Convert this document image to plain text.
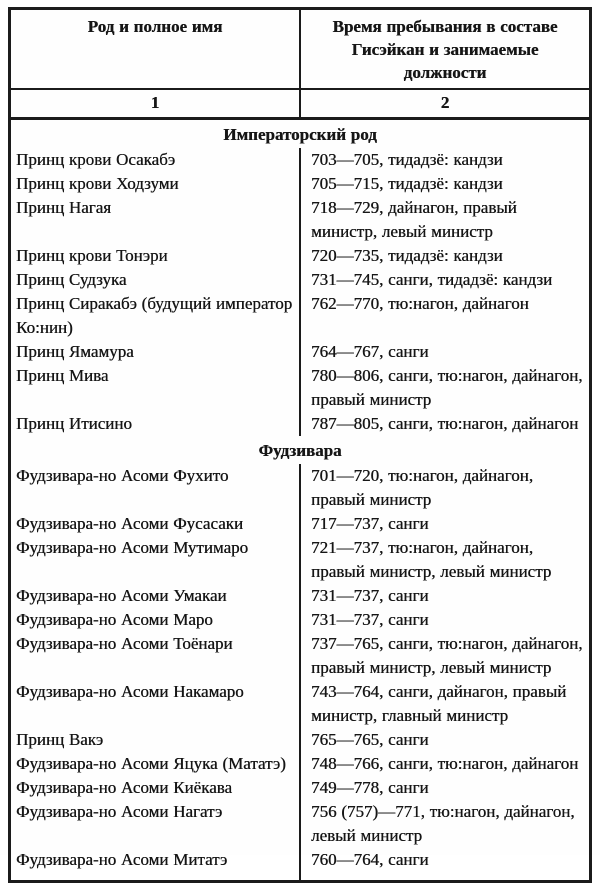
Род и полное имя	Время пребывания в составе Гисэйкан и занимаемые должности
1	2
Императорский род	
Принц крови Осакабэ	703—705, тидадзё: кандзи
Принц крови Ходзуми	705—715, тидадзё: кандзи
Принц Нагая	718—729, дайнагон, правый министр, левый министр
Принц крови Тонэри	720—735, тидадзё: кандзи
Принц Судзука	731—745, санги, тидадзё: кандзи
Принц Сиракабэ (будущий император Ко:нин)	762—770, тю:нагон, дайнагон
Принц Ямамура	764—767, санги
Принц Мива	780—806, санги, тю:нагон, дайнагон, правый министр
Принц Итисино	787—805, санги, тю:нагон, дайнагон
Фудзивара	
Фудзивара-но Асоми Фухито	701—720, тю:нагон, дайнагон, правый министр
Фудзивара-но Асоми Фусасаки	717—737, санги
Фудзивара-но Асоми Мутимаро	721—737, тю:нагон, дайнагон, правый министр, левый министр
Фудзивара-но Асоми Умакаи	731—737, санги
Фудзивара-но Асоми Маро	731—737, санги
Фудзивара-но Асоми Тоёнари	737—765, санги, тю:нагон, дайнагон, правый министр, левый министр
Фудзивара-но Асоми Накамаро	743—764, санги, дайнагон, правый министр, главный министр
Принц Вакэ	765—765, санги
Фудзивара-но Асоми Яцука (Мататэ)	748—766, санги, тю:нагон, дайнагон
Фудзивара-но Асоми Киёкава	749—778, санги
Фудзивара-но Асоми Нагатэ	756 (757)—771, тю:нагон, дайнагон, левый министр
Фудзивара-но Асоми Митатэ	760—764, санги
